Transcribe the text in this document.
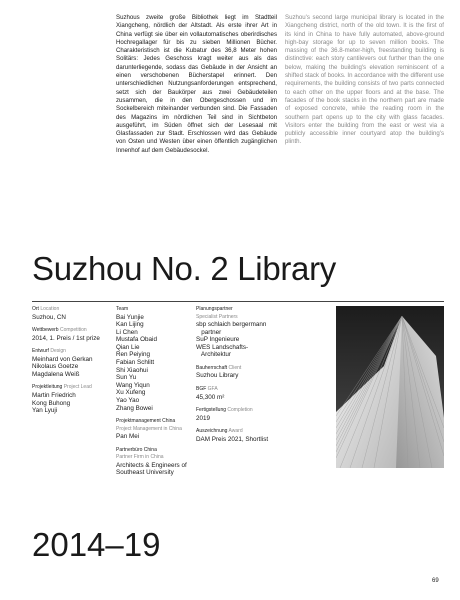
Suzhous zweite große Bibliothek liegt im Stadtteil Xiangcheng, nördlich der Altstadt. Als erste ihrer Art in China verfügt sie über ein vollautomatisches oberirdisches Hochregallager für bis zu sieben Millionen Bücher. Charakteristisch ist die Kubatur des 36,8 Meter hohen Solitärs: Jedes Geschoss kragt weiter aus als das darunterliegende, sodass das Gebäude in der Ansicht an einen verschobenen Bücherstapel erinnert. Den unterschiedlichen Nutzungsanforderungen entsprechend, setzt sich der Baukörper aus zwei Gebäudeteilen zusammen, die in den Obergeschossen und im Sockelbereich miteinander verbunden sind. Die Fassaden des Magazins im nördlichen Teil sind in Sichtbeton ausgeführt, im Süden öffnet sich der Lesesaal mit Glasfassaden zur Stadt. Erschlossen wird das Gebäude von Osten und Westen über einen öffentlich zugänglichen Innenhof auf dem Gebäudesockel.
Suzhou's second large municipal library is located in the Xiangcheng district, north of the old town. It is the first of its kind in China to have fully automated, above-ground high-bay storage for up to seven million books. The massing of the 36.8-meter-high, freestanding building is distinctive: each story cantilevers out further than the one below, making the building's elevation reminiscent of a shifted stack of books. In accordance with the different use requirements, the building consists of two parts connected to each other on the upper floors and at the base. The facades of the book stacks in the northern part are made of exposed concrete, while the reading room in the southern part opens up to the city with glass facades. Visitors enter the building from the east or west via a publicly accessible inner courtyard atop the building's plinth.
Suzhou No. 2 Library
Ort Location
Suzhou, CN
Wettbewerb Competition
2014, 1. Preis / 1st prize
Entwurf Design
Meinhard von Gerkan
Nikolaus Goetze
Magdalena Weiß
Projektleitung Project Lead
Martin Friedrich
Kong Buhong
Yan Lyuji
Team
Bai Yunjie
Kan Lijing
Li Chen
Mustafa Obaid
Qian Lie
Ren Peiying
Fabian Schlitt
Shi Xiaohui
Sun Yu
Wang Yiqun
Xu Xufeng
Yao Yao
Zhang Bowei
Projektmanagement China
Project Management in China
Pan Mei
Partnerbüro China
Partner Firm in China
Architects & Engineers of
Southeast University
Planungspartner
Specialist Partners
sbp schlaich bergermann
partner
SuP Ingenieure
WES Landschafts-
Architektur
Bauherrschaft Client
Suzhou Library
BGF GFA
45,300 m²
Fertigstellung Completion
2019
Auszeichnung Award
DAM Preis 2021, Shortlist
2014–19
69
